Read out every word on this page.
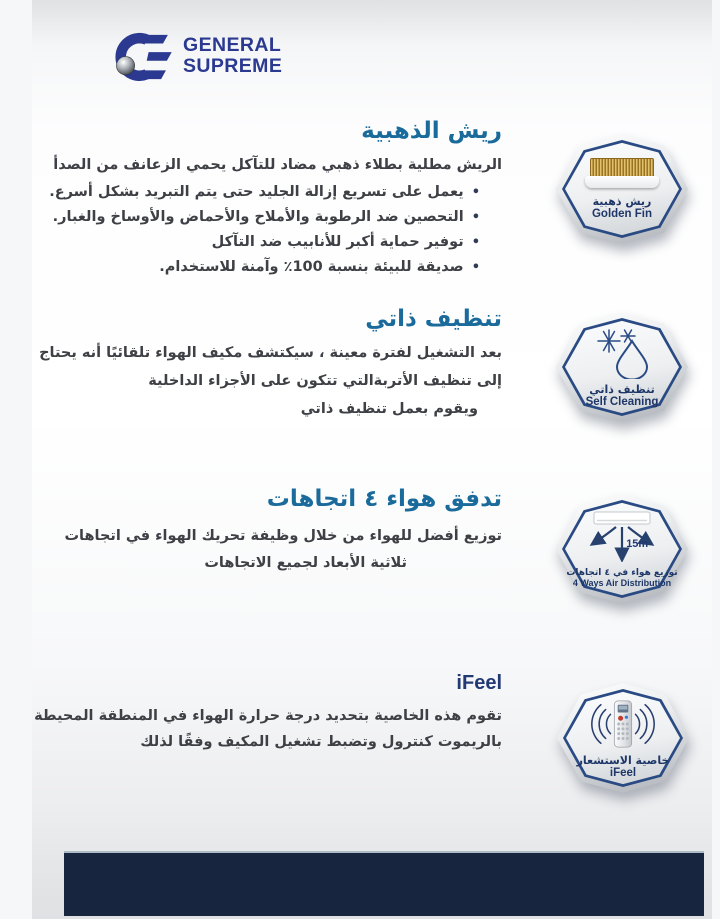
GENERAL
SUPREME
ريش الذهبية
الريش مطلية بطلاء ذهبي مضاد للتآكل يحمي الزعانف من الصدأ
• يعمل على تسريع إزالة الجليد حتى يتم التبريد بشكل أسرع.
• التحصين ضد الرطوبة والأملاح والأحماض والأوساخ والغبار.
• توفير حماية أكبر للأنابيب ضد التآكل
• صديقة للبيئة بنسبة 100٪ وآمنة للاستخدام.
ريش ذهبية
Golden Fin
تنظيف ذاتي
بعد التشغيل لفترة معينة ، سيكتشف مكيف الهواء تلقائيًا أنه يحتاج
إلى تنظيف الأتربةالتي تتكون على الأجزاء الداخلية
ويقوم بعمل تنظيف ذاتي
تنظيف ذاتي
Self Cleaning
تدفق هواء ٤ اتجاهات
توزيع أفضل للهواء من خلال وظيفة تحريك الهواء في اتجاهات
ثلاثية الأبعاد لجميع الاتجاهات
15m
توزيع هواء في ٤ اتجاهات
4 Ways Air Distribution
iFeel
تقوم هذه الخاصية بتحديد درجة حرارة الهواء في المنطقة المحيطة
بالريموت كنترول وتضبط تشغيل المكيف وفقًا لذلك
خاصية الاستشعار
iFeel
